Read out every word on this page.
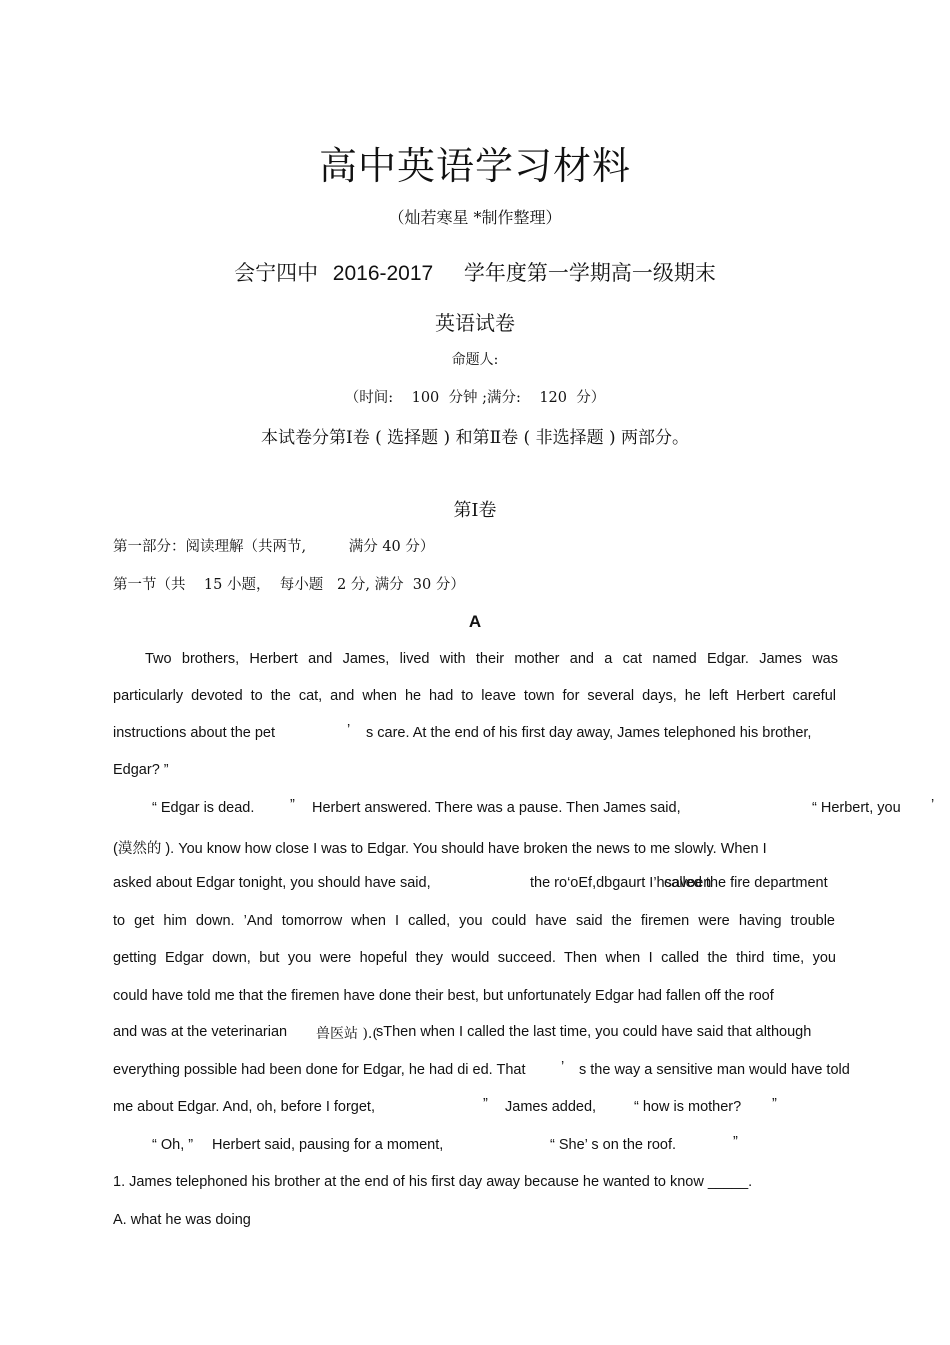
高中英语学习材料
（灿若寒星 *制作整理）
会宁四中 2016-2017 学年度第一学期高一级期末
英语试卷
命题人:
（时间:    100  分钟 ;满分:    120  分）
本试卷分第Ⅰ卷 ( 选择题 ) 和第Ⅱ卷 ( 非选择题 ) 两部分。
第Ⅰ卷
第一部分：阅读理解（共两节,	满分 40 分）
第一节（共    15 小题，  每小题   2 分, 满分  30 分）
A
Two brothers, Herbert and James, lived with their mother and a cat named Edgar. James was
particularly devoted to the cat, and when he had to leave town for several days, he left Herbert careful
instructions about the pet	’ s care. At the end of his first day away, James telephoned his brother,
Edgar? ”
“ Edgar is dead. ” Herbert answered. There was a pause. Then James said,	“ Herbert, you ’
(漠然的 ). You know how close I was to Edgar. You should have broken the news to me slowly. When I
asked about Edgar tonight, you should have said,	the ro‘oEf,dbgaurt I’hsavoen
called the fire department
to get him down. ’And tomorrow when I called, you could have said the firemen were having trouble
getting Edgar down, but you were hopeful they would succeed. Then when I called the third time, you
could have told me that the firemen have done their best, but unfortunately Edgar had fallen off the roof
and was at the veterinarian 兽医站 ).(
sThen when I called the last time, you could have said that although
everything possible had been done for Edgar, he had di ed. That ’ s the way a sensitive man would have told
me about Edgar. And, oh, before I forget,	” James added,	“ how is mother? ”
“ Oh, ” Herbert said, pausing for a moment,	“ She’ s on the roof.	”
1. James telephoned his brother at the end of his first day away because he wanted to know _____.
A. what he was doing
